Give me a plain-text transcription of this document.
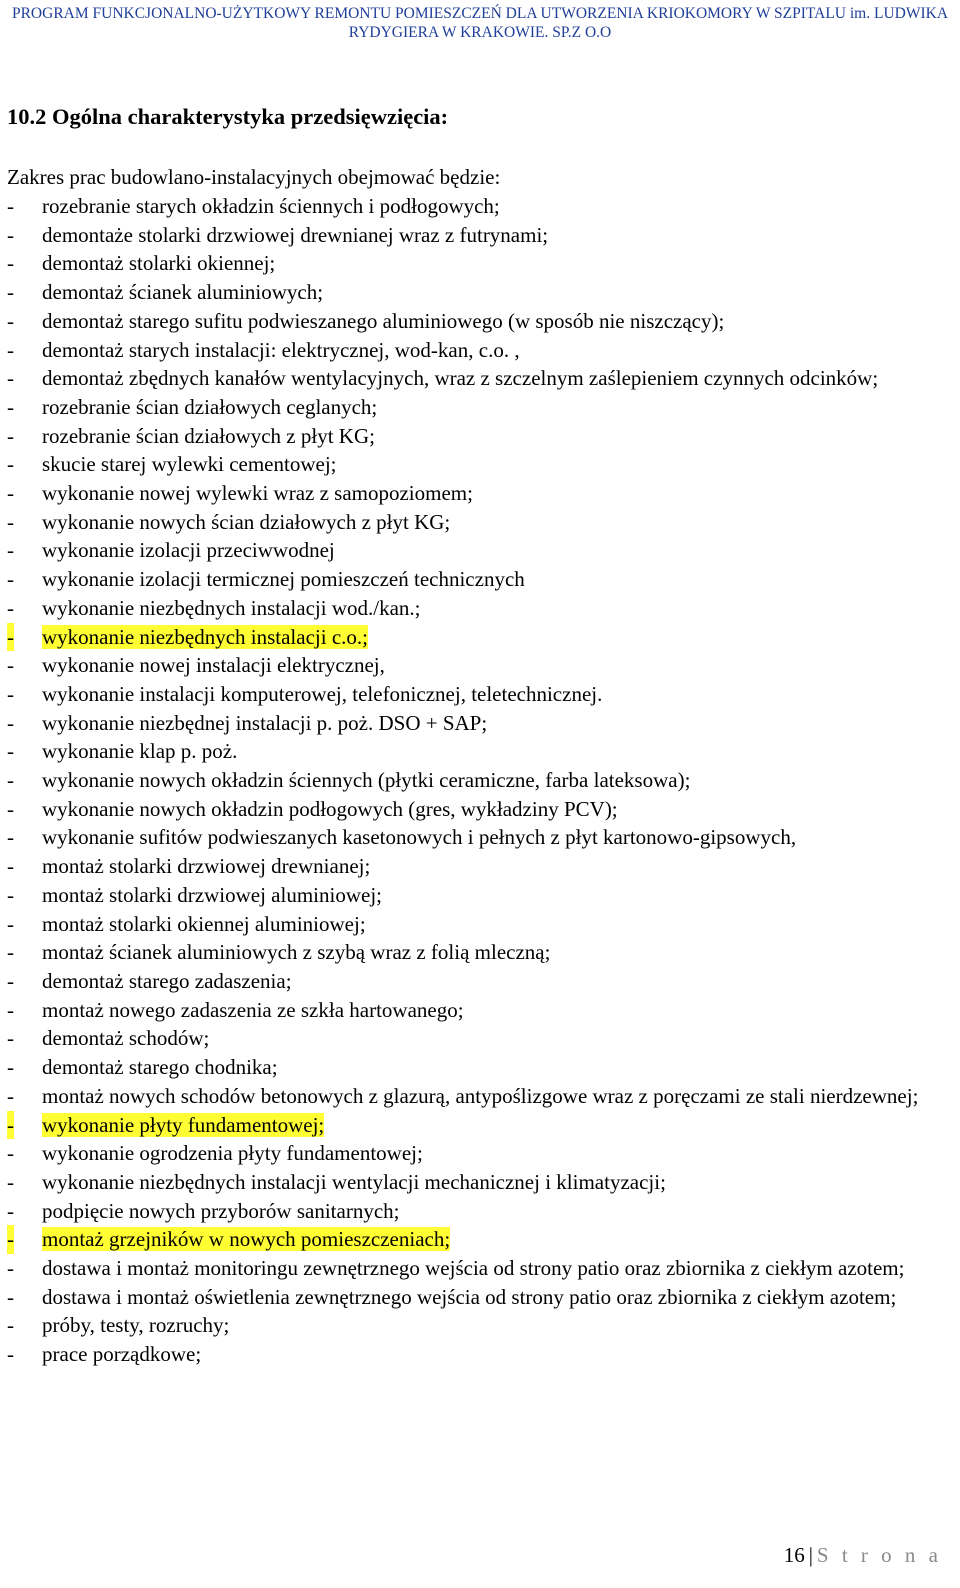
PROGRAM FUNKCJONALNO-UŻYTKOWY REMONTU POMIESZCZEŃ DLA UTWORZENIA KRIOKOMORY W SZPITALU im. LUDWIKA RYDYGIERA W KRAKOWIE. SP.Z O.O
10.2 Ogólna charakterystyka przedsięwzięcia:
Zakres prac budowlano-instalacyjnych obejmować będzie:
- rozebranie starych okładzin ściennych i podłogowych;
- demontaże stolarki drzwiowej drewnianej wraz z futrynami;
- demontaż stolarki okiennej;
- demontaż ścianek aluminiowych;
- demontaż starego sufitu podwieszanego aluminiowego (w sposób nie niszczący);
- demontaż starych instalacji: elektrycznej, wod-kan, c.o. ,
- demontaż zbędnych kanałów wentylacyjnych, wraz z szczelnym zaślepieniem czynnych odcinków;
- rozebranie ścian działowych ceglanych;
- rozebranie ścian działowych z płyt KG;
- skucie starej wylewki cementowej;
- wykonanie nowej wylewki wraz z samopoziomem;
- wykonanie nowych ścian działowych z płyt KG;
- wykonanie izolacji przeciwwodnej
- wykonanie izolacji termicznej pomieszczeń technicznych
- wykonanie niezbędnych instalacji wod./kan.;
- wykonanie niezbędnych instalacji c.o.;
- wykonanie nowej instalacji elektrycznej,
- wykonanie instalacji komputerowej, telefonicznej, teletechnicznej.
- wykonanie niezbędnej instalacji p. poż. DSO + SAP;
- wykonanie klap p. poż.
- wykonanie nowych okładzin ściennych (płytki ceramiczne, farba lateksowa);
- wykonanie nowych okładzin podłogowych (gres, wykładziny PCV);
- wykonanie sufitów podwieszanych kasetonowych i pełnych z płyt kartonowo-gipsowych,
- montaż stolarki drzwiowej drewnianej;
- montaż stolarki drzwiowej aluminiowej;
- montaż stolarki okiennej aluminiowej;
- montaż ścianek aluminiowych z szybą wraz z folią mleczną;
- demontaż starego zadaszenia;
- montaż nowego zadaszenia ze szkła hartowanego;
- demontaż schodów;
- demontaż starego chodnika;
- montaż nowych schodów betonowych z glazurą, antypoślizgowe wraz z poręczami ze stali nierdzewnej;
- wykonanie płyty fundamentowej;
- wykonanie ogrodzenia płyty fundamentowej;
- wykonanie niezbędnych instalacji wentylacji mechanicznej i klimatyzacji;
- podpięcie nowych przyborów sanitarnych;
- montaż grzejników w nowych pomieszczeniach;
- dostawa i montaż monitoringu zewnętrznego wejścia od strony patio oraz zbiornika z ciekłym azotem;
- dostawa i montaż oświetlenia zewnętrznego wejścia od strony patio oraz zbiornika z ciekłym azotem;
- próby, testy, rozruchy;
- prace porządkowe;
16 | S t r o n a
